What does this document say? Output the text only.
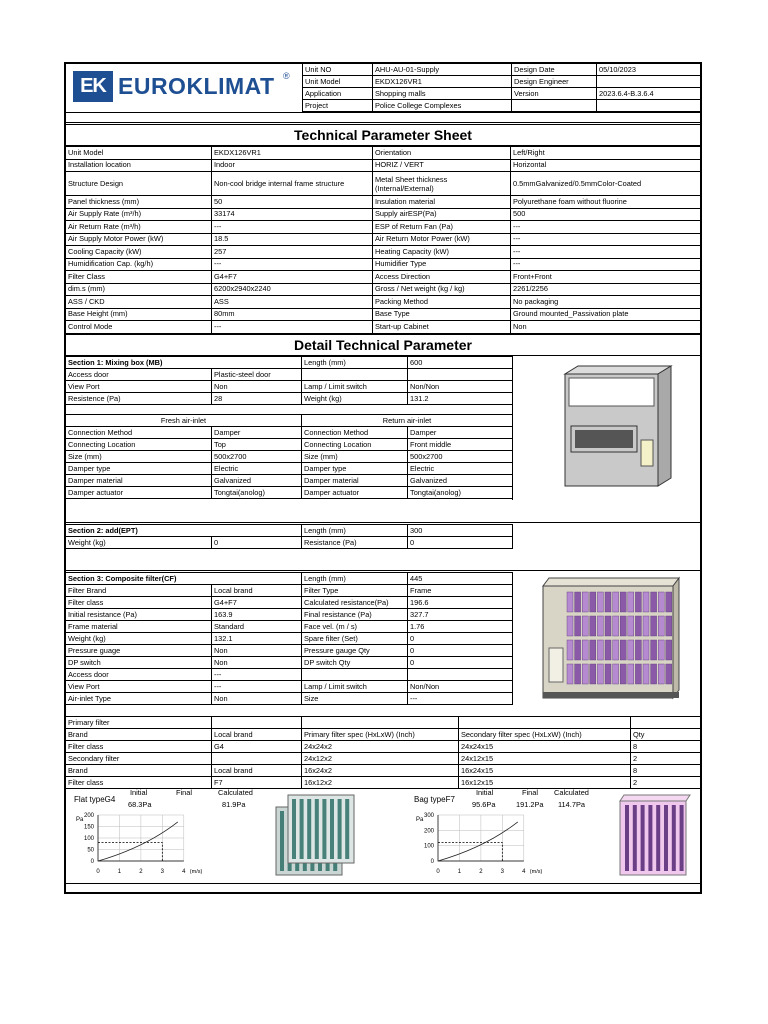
EK EUROKLIMAT ®
Unit NO	AHU-AU-01-Supply	Design Date	05/10/2023
Unit Model	EKDX126VR1	Design Engineer	
Application	Shopping malls	Version	2023.6.4-B.3.6.4
Project	Police College Complexes		
Technical Parameter Sheet
Unit Model	EKDX126VR1	Orientation	Left/Right
Installation location	Indoor	HORIZ / VERT	Horizontal
Structure Design	Non-cool bridge internal frame structure	Metal Sheet thickness (Internal/External)	0.5mmGalvanized/0.5mmColor-Coated
Panel thickness (mm)	50	Insulation material	Polyurethane foam without fluorine
Air Supply Rate (m³/h)	33174	Supply airESP(Pa)	500
Air Return Rate (m³/h)	---	ESP of Return Fan (Pa)	---
Air Supply Motor Power (kW)	18.5	Air Return Motor Power (kW)	---
Cooling Capacity (kW)	257	Heating Capacity (kW)	---
Humidification Cap. (kg/h)	---	Humidifier Type	---
Filter Class	G4+F7	Access Direction	Front+Front
dim.s (mm)	6200x2940x2240	Gross / Net weight (kg / kg)	2261/2256
ASS / CKD	ASS	Packing Method	No packaging
Base Height (mm)	80mm	Base Type	Ground mounted_Passivation plate
Control Mode	---	Start-up Cabinet	Non
Detail Technical Parameter
Section 1: Mixing box (MB)		Length (mm)	600
Access door	Plastic-steel door		
View Port	Non	Lamp / Limit switch	Non/Non
Resistence (Pa)	28	Weight (kg)	131.2

Fresh air-inlet		Return air-inlet	
Connection Method	Damper	Connection Method	Damper
Connecting Location	Top	Connecting Location	Front middle
Size (mm)	500x2700	Size (mm)	500x2700
Damper type	Electric	Damper type	Electric
Damper material	Galvanized	Damper material	Galvanized
Damper actuator	Tongtai(anolog)	Damper actuator	Tongtai(anolog)
Section 2: add(EPT)		Length (mm)	300
Weight (kg)	0	Resistance (Pa)	0
Section 3: Composite filter(CF)		Length (mm)	445
Filter Brand	Local brand	Filter Type	Frame
Filter class	G4+F7	Calculated resistance(Pa)	196.6
Initial resistance (Pa)	163.9	Final resistance (Pa)	327.7
Frame material	Standard	Face vel. (m / s)	1.76
Weight (kg)	132.1	Spare filter (Set)	0
Pressure guage	Non	Pressure gauge Qty	0
DP switch	Non	DP switch Qty	0
Access door	---		
View Port	---	Lamp / Limit switch	Non/Non
Air-inlet Type	Non	Size	---
Primary filter				
Brand	Local brand	Primary filter spec (HxLxW) (Inch)	Secondary filter spec (HxLxW) (Inch)	Qty
Filter class	G4	24x24x2	24x24x15	8
Secondary filter		24x12x2	24x12x15	2
Brand	Local brand	16x24x2	16x24x15	8
Filter class	F7	16x12x2	16x12x15	2
Initial	Final	Calculated
Flat typeG4
68.3Pa	81.9Pa
Pa
200
150
100
50
0
0	1	2	3	4 (m/s)
Initial	Final Calculated
Bag typeF7
95.6Pa	191.2Pa 114.7Pa
Pa
300
200
100
0
0	1	2	3	4 (m/s)
